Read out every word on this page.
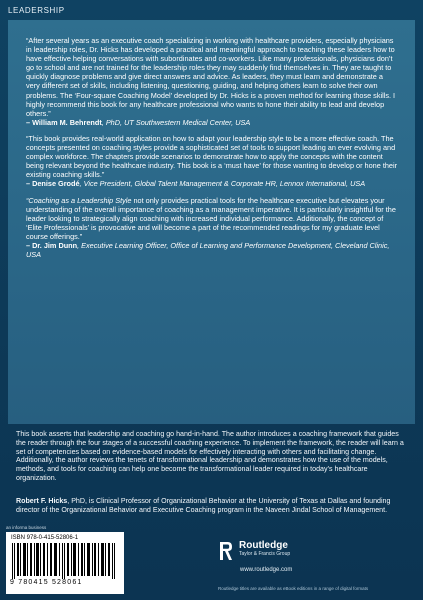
LEADERSHIP

“After several years as an executive coach specializing in working with healthcare providers, especially physicians in leadership roles, Dr. Hicks has developed a practical and meaningful approach to teaching these leaders how to have effective helping conversations with subordinates and co-workers. Like many professionals, physicians don’t go to school and are not trained for the leadership roles they may suddenly find themselves in. They are taught to quickly diagnose problems and give direct answers and advice. As leaders, they must learn and demonstrate a very different set of skills, including listening, questioning, guiding, and helping others learn to solve their own problems. The ‘Four-square Coaching Model’ developed by Dr. Hicks is a proven method for learning those skills. I highly recommend this book for any healthcare professional who wants to hone their ability to lead and develop others.”

– William M. Behrendt, PhD, UT Southwestern Medical Center, USA

“This book provides real-world application on how to adapt your leadership style to be a more effective coach. The concepts presented on coaching styles provide a sophisticated set of tools to support leading an ever evolving and complex workforce. The chapters provide scenarios to demonstrate how to apply the concepts with the content being relevant beyond the healthcare industry. This book is a ‘must have’ for those wanting to develop or hone their existing coaching skills.”

– Denise Grodé, Vice President, Global Talent Management & Corporate HR, Lennox International, USA

“Coaching as a Leadership Style not only provides practical tools for the healthcare executive but elevates your understanding of the overall importance of coaching as a management imperative. It is particularly insightful for the leader looking to strategically align coaching with increased individual performance. Additionally, the concept of ‘Elite Professionals’ is provocative and will become a part of the recommended readings for my graduate level course offerings.”

– Dr. Jim Dunn, Executive Learning Officer, Office of Learning and Performance Development, Cleveland Clinic, USA

This book asserts that leadership and coaching go hand-in-hand. The author introduces a coaching framework that guides the reader through the four stages of a successful coaching experience. To implement the framework, the reader will learn a set of competencies based on evidence-based models for effectively interacting with others and facilitating change. Additionally, the author reviews the tenets of transformational leadership and demonstrates how the use of the models, methods, and tools for coaching can help one become the transformational leader required in today’s healthcare organization.

Robert F. Hicks, PhD, is Clinical Professor of Organizational Behavior at the University of Texas at Dallas and founding director of the Organizational Behavior and Executive Coaching program in the Naveen Jindal School of Management.

an informa business
ISBN 978-0-415-52806-1
9 780415 528061
Routledge
Taylor & Francis Group
www.routledge.com
Routledge titles are available as eBook editions in a range of digital formats
